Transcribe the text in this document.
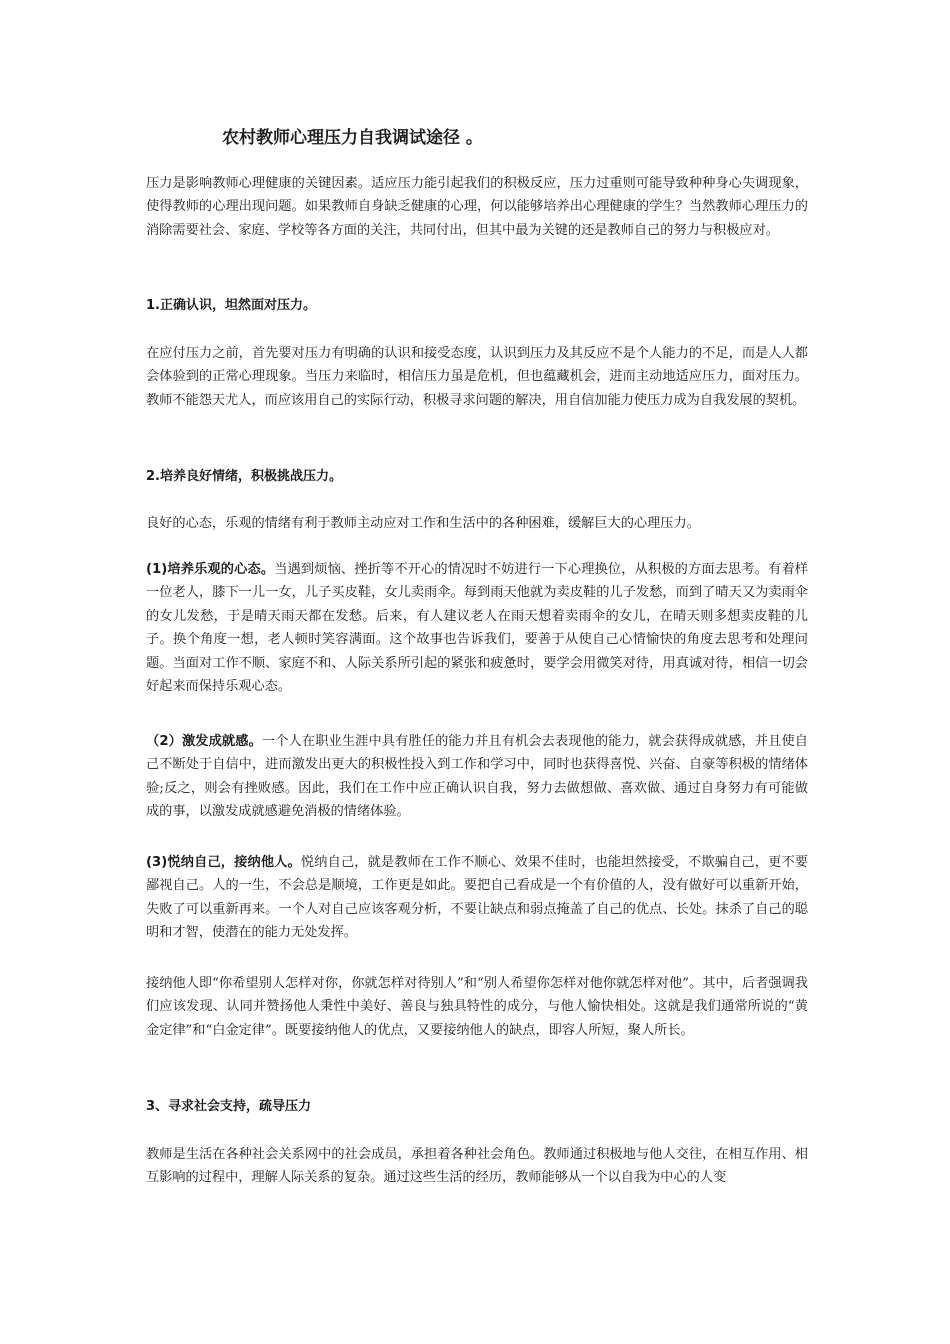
农村教师心理压力自我调试途径 。

压力是影响教师心理健康的关键因素。适应压力能引起我们的积极反应，压力过重则可能导致种种身心失调现象，使得教师的心理出现问题。如果教师自身缺乏健康的心理，何以能够培养出心理健康的学生？当然教师心理压力的消除需要社会、家庭、学校等各方面的关注，共同付出，但其中最为关键的还是教师自己的努力与积极应对。

1.正确认识，坦然面对压力。

在应付压力之前，首先要对压力有明确的认识和接受态度，认识到压力及其反应不是个人能力的不足，而是人人都会体验到的正常心理现象。当压力来临时，相信压力虽是危机，但也蕴藏机会，进而主动地适应压力，面对压力。教师不能怨天尤人，而应该用自己的实际行动，积极寻求问题的解决，用自信加能力使压力成为自我发展的契机。

2.培养良好情绪，积极挑战压力。

良好的心态，乐观的情绪有利于教师主动应对工作和生活中的各种困难，缓解巨大的心理压力。

(1)培养乐观的心态。当遇到烦恼、挫折等不开心的情况时不妨进行一下心理换位，从积极的方面去思考。有着样一位老人，膝下一儿一女，儿子买皮鞋，女儿卖雨伞。每到雨天他就为卖皮鞋的儿子发愁，而到了晴天又为卖雨伞的女儿发愁，于是晴天雨天都在发愁。后来，有人建议老人在雨天想着卖雨伞的女儿，在晴天则多想卖皮鞋的儿子。换个角度一想，老人顿时笑容满面。这个故事也告诉我们，要善于从使自己心情愉快的角度去思考和处理问题。当面对工作不顺、家庭不和、人际关系所引起的紧张和疲惫时，要学会用微笑对待，用真诚对待，相信一切会好起来而保持乐观心态。

（2）激发成就感。一个人在职业生涯中具有胜任的能力并且有机会去表现他的能力，就会获得成就感，并且使自己不断处于自信中，进而激发出更大的积极性投入到工作和学习中，同时也获得喜悦、兴奋、自豪等积极的情绪体验;反之，则会有挫败感。因此，我们在工作中应正确认识自我，努力去做想做、喜欢做、通过自身努力有可能做成的事，以激发成就感避免消极的情绪体验。

(3)悦纳自己，接纳他人。悦纳自己，就是教师在工作不顺心、效果不佳时，也能坦然接受，不欺骗自己，更不要鄙视自己。人的一生，不会总是顺境，工作更是如此。要把自己看成是一个有价值的人，没有做好可以重新开始，失败了可以重新再来。一个人对自己应该客观分析，不要让缺点和弱点掩盖了自己的优点、长处。抹杀了自己的聪明和才智，使潜在的能力无处发挥。

接纳他人即“你希望别人怎样对你，你就怎样对待别人”和“别人希望你怎样对他你就怎样对他”。其中，后者强调我们应该发现、认同并赞扬他人秉性中美好、善良与独具特性的成分，与他人愉快相处。这就是我们通常所说的“黄金定律”和“白金定律”。既要接纳他人的优点，又要接纳他人的缺点，即容人所短，聚人所长。

3、寻求社会支持，疏导压力

教师是生活在各种社会关系网中的社会成员，承担着各种社会角色。教师通过积极地与他人交往，在相互作用、相互影响的过程中，理解人际关系的复杂。通过这些生活的经历，教师能够从一个以自我为中心的人变
